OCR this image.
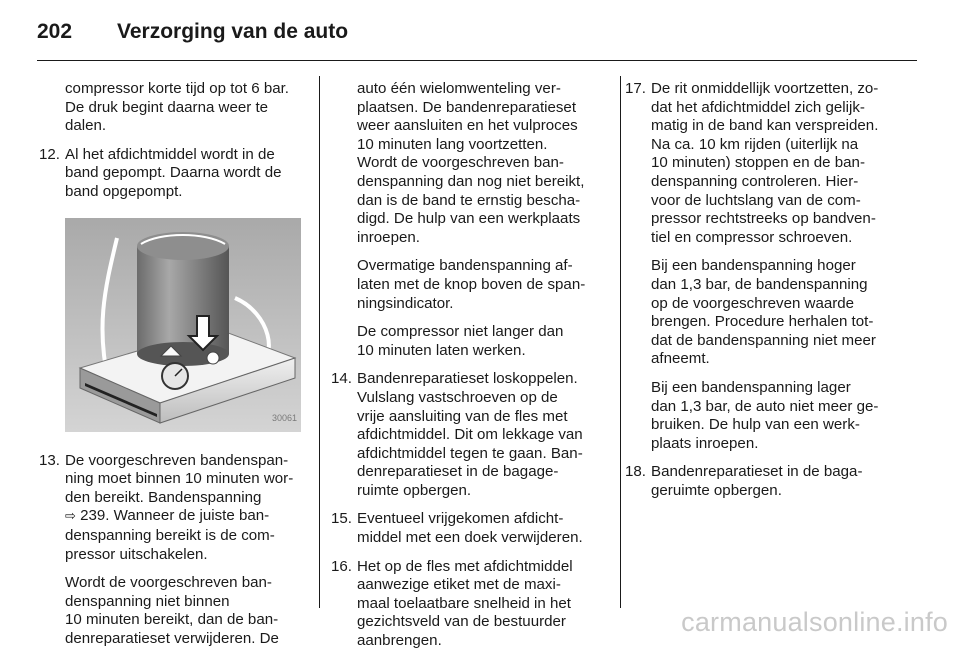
202 Verzorging van de auto

compressor korte tijd op tot 6 bar. De druk begint daarna weer te dalen.

12. Al het afdichtmiddel wordt in de
band gepompt. Daarna wordt de
band opgepompt.
30061
13. De voorgeschreven bandenspan-
ning moet binnen 10 minuten wor-
den bereikt. Bandenspanning
⇨ 239. Wanneer de juiste ban-
denspanning bereikt is de com-
pressor uitschakelen.
Wordt de voorgeschreven ban-
denspanning niet binnen
10 minuten bereikt, dan de ban-
denreparatieset verwijderen. De
auto één wielomwenteling ver-
plaatsen. De bandenreparatieset
weer aansluiten en het vulproces
10 minuten lang voortzetten.
Wordt de voorgeschreven ban-
denspanning dan nog niet bereikt,
dan is de band te ernstig bescha-
digd. De hulp van een werkplaats
inroepen.
Overmatige bandenspanning af-
laten met de knop boven de span-
ningsindicator.
De compressor niet langer dan
10 minuten laten werken.
14. Bandenreparatieset loskoppelen.
Vulslang vastschroeven op de
vrije aansluiting van de fles met
afdichtmiddel. Dit om lekkage van
afdichtmiddel tegen te gaan. Ban-
denreparatieset in de bagage-
ruimte opbergen.
15. Eventueel vrijgekomen afdicht-
middel met een doek verwijderen.
16. Het op de fles met afdichtmiddel
aanwezige etiket met de maxi-
maal toelaatbare snelheid in het
gezichtsveld van de bestuurder
aanbrengen.
17. De rit onmiddellijk voortzetten, zo-
dat het afdichtmiddel zich gelijk-
matig in de band kan verspreiden.
Na ca. 10 km rijden (uiterlijk na
10 minuten) stoppen en de ban-
denspanning controleren. Hier-
voor de luchtslang van de com-
pressor rechtstreeks op bandven-
tiel en compressor schroeven.
Bij een bandenspanning hoger
dan 1,3 bar, de bandenspanning
op de voorgeschreven waarde
brengen. Procedure herhalen tot-
dat de bandenspanning niet meer
afneemt.
Bij een bandenspanning lager
dan 1,3 bar, de auto niet meer ge-
bruiken. De hulp van een werk-
plaats inroepen.
18. Bandenreparatieset in de baga-
geruimte opbergen.
carmanualsonline.info
